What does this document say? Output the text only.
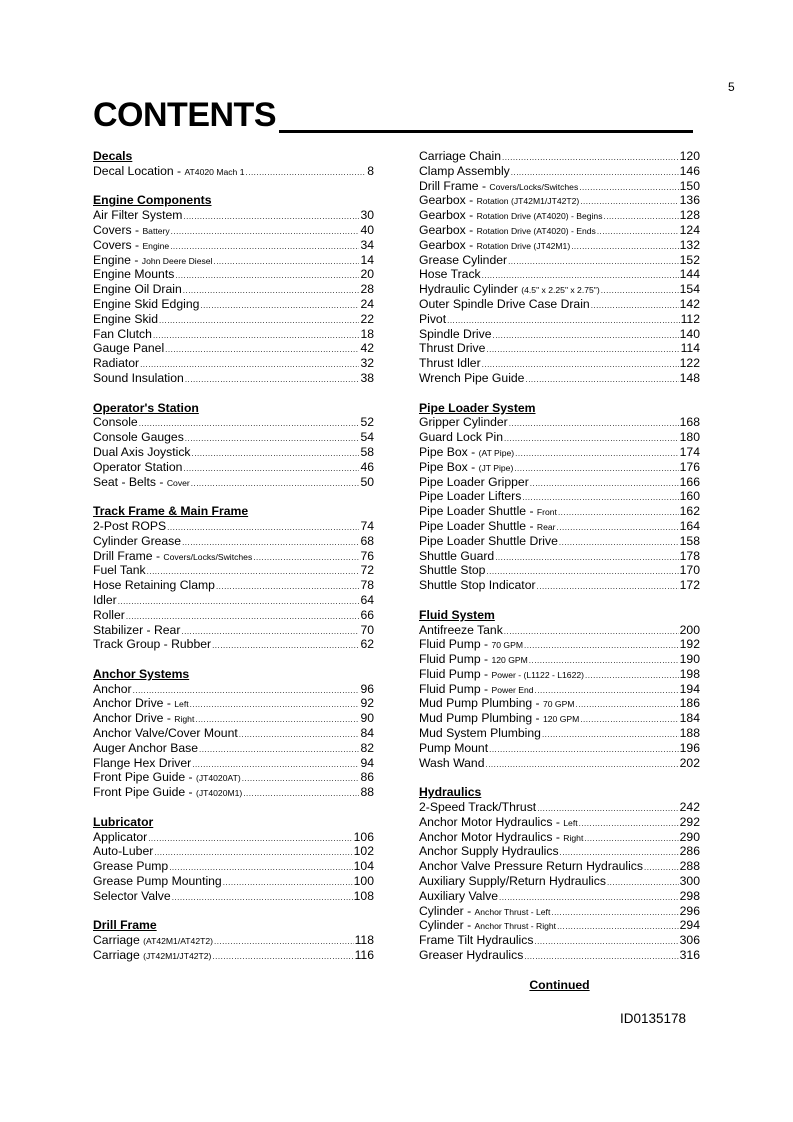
5
CONTENTS
Decals
Decal Location - AT4020 Mach 1 .....	8
Engine Components
Air Filter System .....	30
Covers - Battery .....	40
Covers - Engine .....	34
Engine - John Deere Diesel .....	14
Engine Mounts .....	20
Engine Oil Drain .....	28
Engine Skid Edging .....	24
Engine Skid .....	22
Fan Clutch .....	18
Gauge Panel .....	42
Radiator .....	32
Sound Insulation .....	38
Operator's Station
Console .....	52
Console Gauges .....	54
Dual Axis Joystick .....	58
Operator Station .....	46
Seat - Belts - Cover .....	50
Track Frame & Main Frame
2-Post ROPS .....	74
Cylinder Grease .....	68
Drill Frame - Covers/Locks/Switches .....	76
Fuel Tank .....	72
Hose Retaining Clamp .....	78
Idler .....	64
Roller .....	66
Stabilizer - Rear .....	70
Track Group - Rubber .....	62
Anchor Systems
Anchor .....	96
Anchor Drive - Left .....	92
Anchor Drive - Right .....	90
Anchor Valve/Cover Mount .....	84
Auger Anchor Base .....	82
Flange Hex Driver .....	94
Front Pipe Guide - (JT4020AT) .....	86
Front Pipe Guide - (JT4020M1) .....	88
Lubricator
Applicator .....	106
Auto-Luber .....	102
Grease Pump .....	104
Grease Pump Mounting .....	100
Selector Valve .....	108
Drill Frame
Carriage (AT42M1/AT42T2) .....	118
Carriage (JT42M1/JT42T2) .....	116
Carriage Chain .....	120
Clamp Assembly .....	146
Drill Frame - Covers/Locks/Switches .....	150
Gearbox - Rotation (JT42M1/JT42T2) .....	136
Gearbox - Rotation Drive (AT4020) - Begins .....	128
Gearbox - Rotation Drive (AT4020) - Ends .....	124
Gearbox - Rotation Drive (JT42M1) .....	132
Grease Cylinder .....	152
Hose Track .....	144
Hydraulic Cylinder (4.5" x 2.25" x 2.75") .....	154
Outer Spindle Drive Case Drain .....	142
Pivot .....	112
Spindle Drive .....	140
Thrust Drive .....	114
Thrust Idler .....	122
Wrench Pipe Guide .....	148
Pipe Loader System
Gripper Cylinder .....	168
Guard Lock Pin .....	180
Pipe Box - (AT Pipe) .....	174
Pipe Box - (JT Pipe) .....	176
Pipe Loader Gripper .....	166
Pipe Loader Lifters .....	160
Pipe Loader Shuttle - Front .....	162
Pipe Loader Shuttle - Rear .....	164
Pipe Loader Shuttle Drive .....	158
Shuttle Guard .....	178
Shuttle Stop .....	170
Shuttle Stop Indicator .....	172
Fluid System
Antifreeze Tank .....	200
Fluid Pump - 70 GPM .....	192
Fluid Pump - 120 GPM .....	190
Fluid Pump - Power - (L1122 - L1622) .....	198
Fluid Pump - Power End .....	194
Mud Pump Plumbing - 70 GPM .....	186
Mud Pump Plumbing - 120 GPM .....	184
Mud System Plumbing .....	188
Pump Mount .....	196
Wash Wand .....	202
Hydraulics
2-Speed Track/Thrust .....	242
Anchor Motor Hydraulics - Left .....	292
Anchor Motor Hydraulics - Right .....	290
Anchor Supply Hydraulics .....	286
Anchor Valve Pressure Return Hydraulics .....	288
Auxiliary Supply/Return Hydraulics .....	300
Auxiliary Valve .....	298
Cylinder - Anchor Thrust - Left .....	296
Cylinder - Anchor Thrust - Right .....	294
Frame Tilt Hydraulics .....	306
Greaser Hydraulics .....	316
Continued
ID0135178
